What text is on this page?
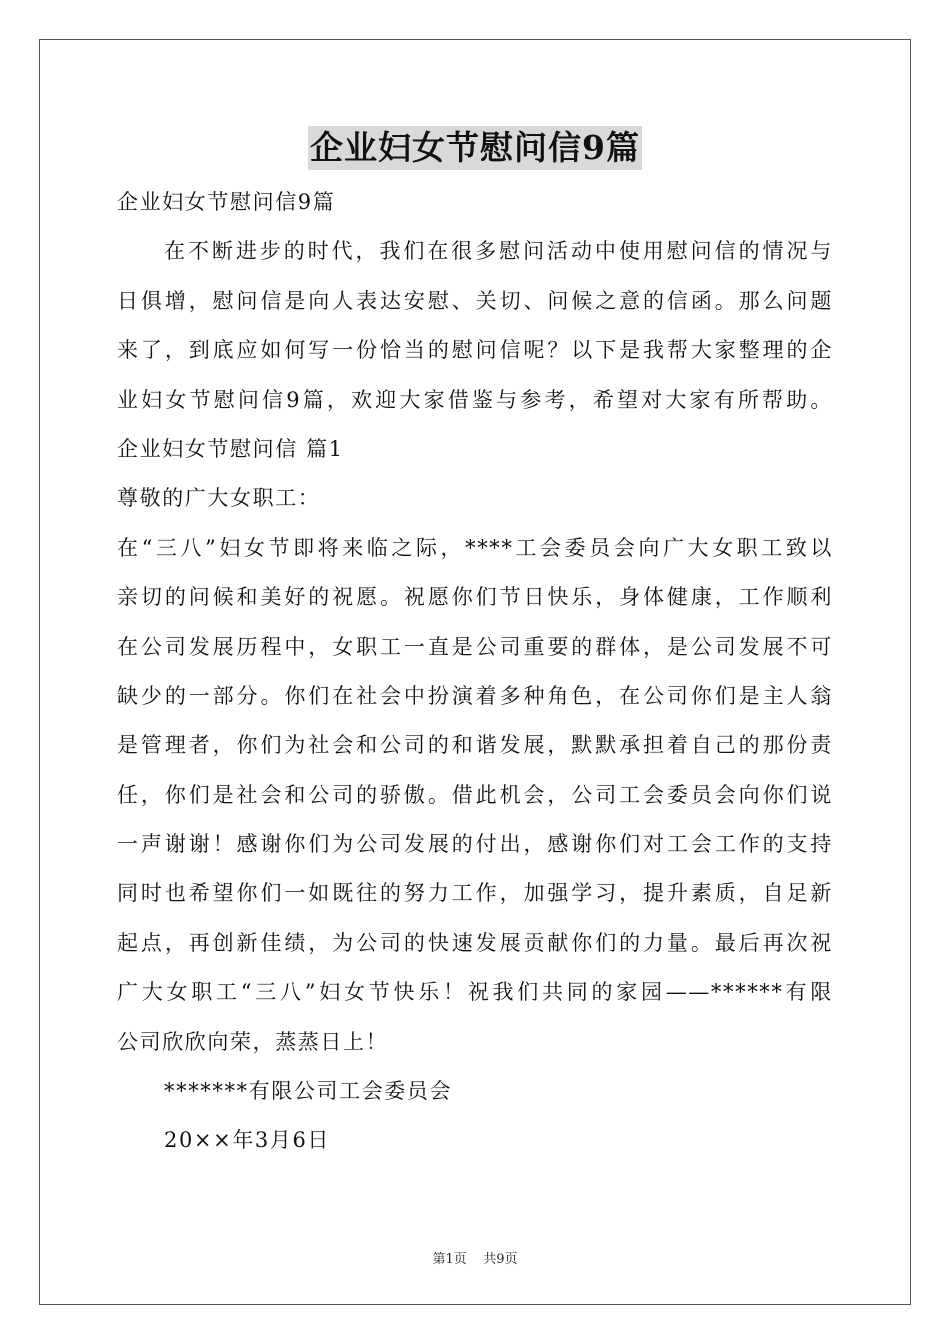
企业妇女节慰问信9篇
企业妇女节慰问信9篇
在不断进步的时代，我们在很多慰问活动中使用慰问信的情况与
日俱增，慰问信是向人表达安慰、关切、问候之意的信函。那么问题
来了，到底应如何写一份恰当的慰问信呢？以下是我帮大家整理的企
业妇女节慰问信9篇，欢迎大家借鉴与参考，希望对大家有所帮助。
企业妇女节慰问信 篇1
尊敬的广大女职工：
在“三八”妇女节即将来临之际，****工会委员会向广大女职工致以
亲切的问候和美好的祝愿。祝愿你们节日快乐，身体健康，工作顺利
在公司发展历程中，女职工一直是公司重要的群体，是公司发展不可
缺少的一部分。你们在社会中扮演着多种角色，在公司你们是主人翁
是管理者，你们为社会和公司的和谐发展，默默承担着自己的那份责
任，你们是社会和公司的骄傲。借此机会，公司工会委员会向你们说
一声谢谢！感谢你们为公司发展的付出，感谢你们对工会工作的支持
同时也希望你们一如既往的努力工作，加强学习，提升素质，自足新
起点，再创新佳绩，为公司的快速发展贡献你们的力量。最后再次祝
广大女职工“三八”妇女节快乐！祝我们共同的家园——******有限
公司欣欣向荣，蒸蒸日上！
*******有限公司工会委员会
20××年3月6日
第1页    共9页
